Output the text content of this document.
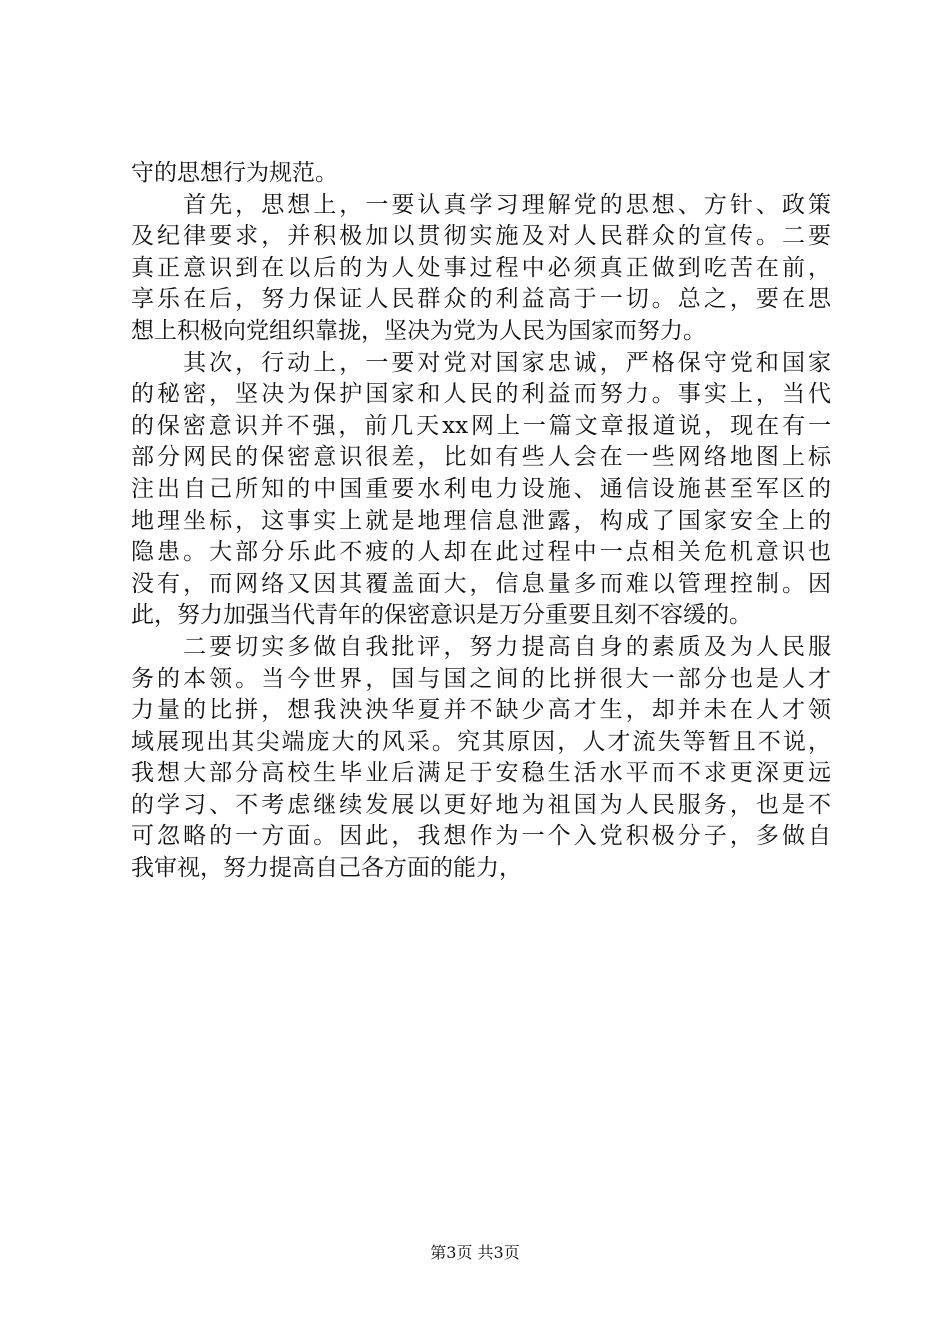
守的思想行为规范。
　　首先，思想上，一要认真学习理解党的思想、方针、政策
及纪律要求，并积极加以贯彻实施及对人民群众的宣传。二要
真正意识到在以后的为人处事过程中必须真正做到吃苦在前，
享乐在后，努力保证人民群众的利益高于一切。总之，要在思
想上积极向党组织靠拢，坚决为党为人民为国家而努力。
　　其次，行动上，一要对党对国家忠诚，严格保守党和国家
的秘密，坚决为保护国家和人民的利益而努力。事实上，当代
的保密意识并不强，前几天xx网上一篇文章报道说，现在有一
部分网民的保密意识很差，比如有些人会在一些网络地图上标
注出自己所知的中国重要水利电力设施、通信设施甚至军区的
地理坐标，这事实上就是地理信息泄露，构成了国家安全上的
隐患。大部分乐此不疲的人却在此过程中一点相关危机意识也
没有，而网络又因其覆盖面大，信息量多而难以管理控制。因
此，努力加强当代青年的保密意识是万分重要且刻不容缓的。
　　二要切实多做自我批评，努力提高自身的素质及为人民服
务的本领。当今世界，国与国之间的比拼很大一部分也是人才
力量的比拼，想我泱泱华夏并不缺少高才生，却并未在人才领
域展现出其尖端庞大的风采。究其原因，人才流失等暂且不说，
我想大部分高校生毕业后满足于安稳生活水平而不求更深更远
的学习、不考虑继续发展以更好地为祖国为人民服务，也是不
可忽略的一方面。因此，我想作为一个入党积极分子，多做自
我审视，努力提高自己各方面的能力，
第3页 共3页
